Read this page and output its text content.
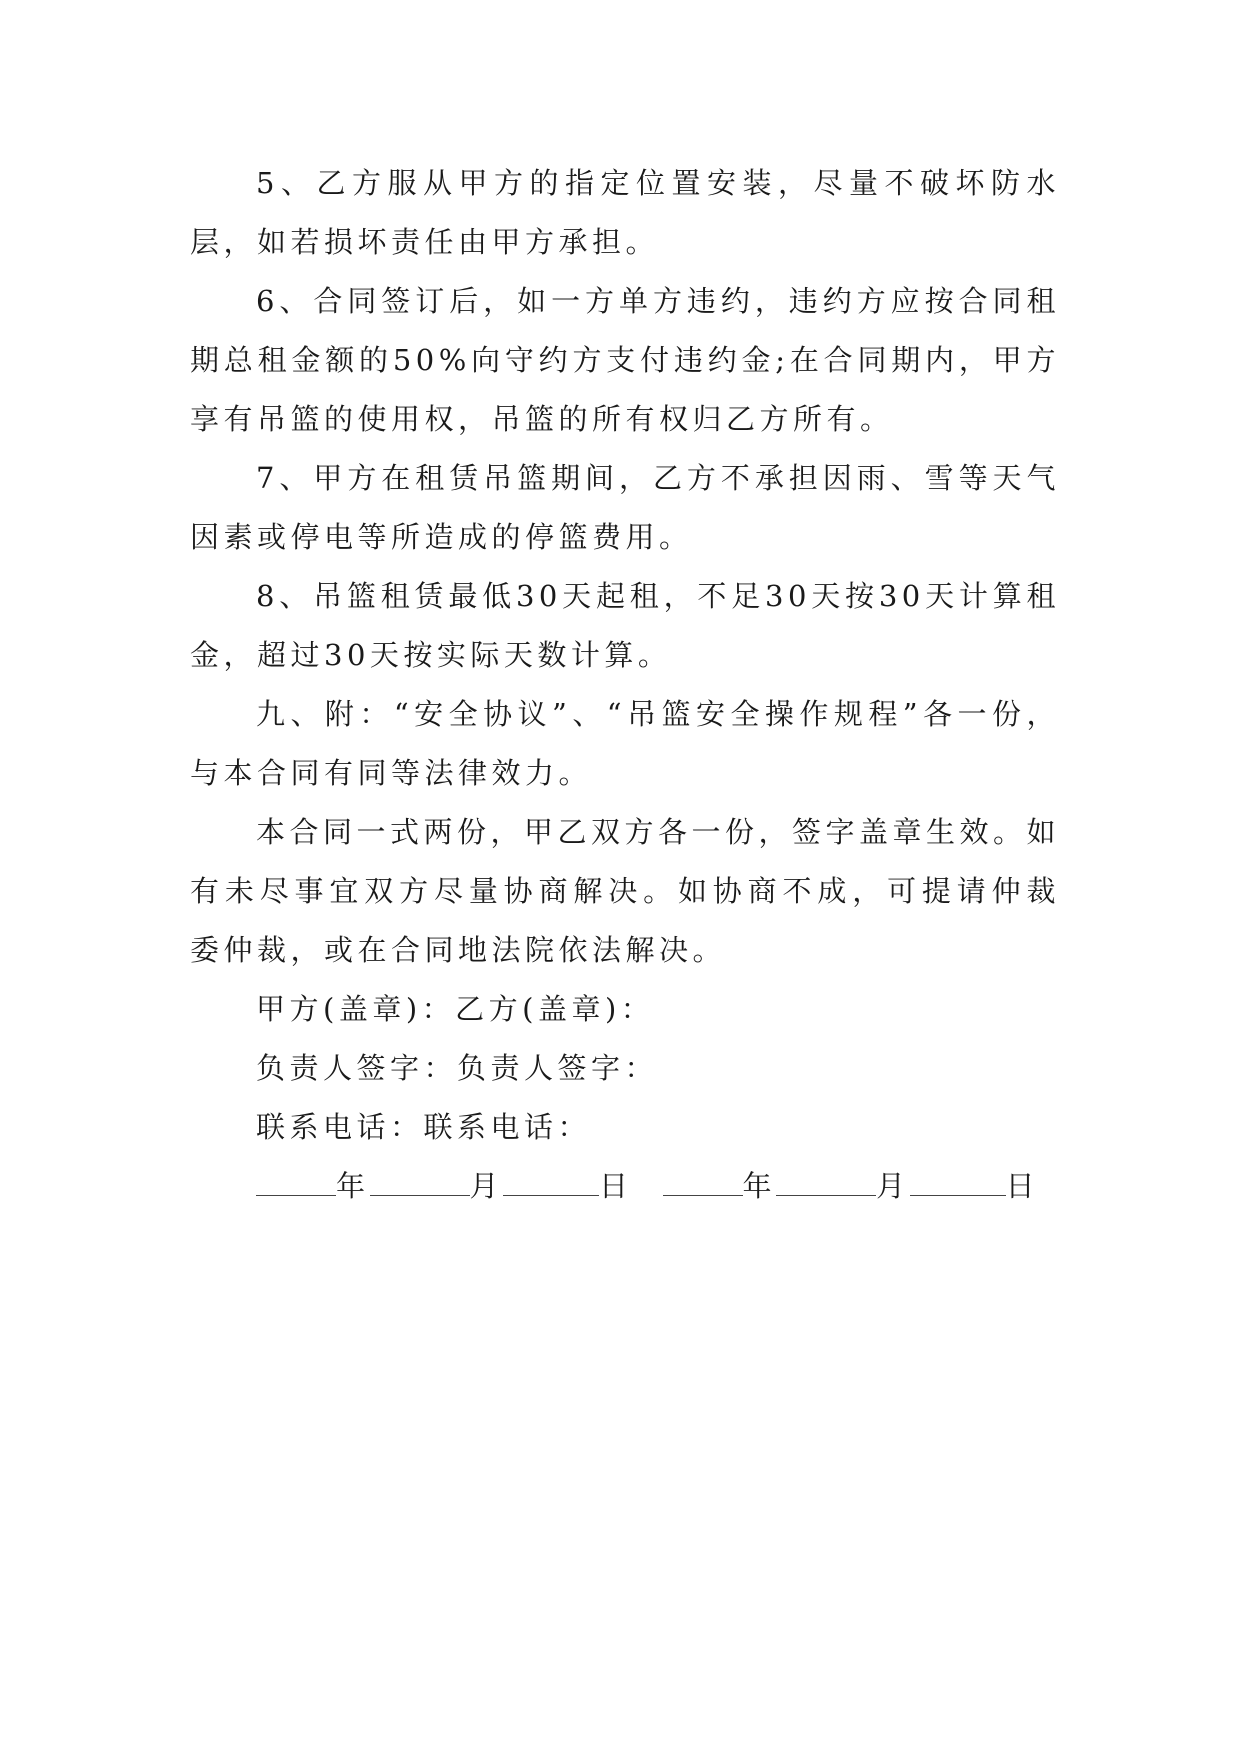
5、乙方服从甲方的指定位置安装，尽量不破坏防水层，如若损坏责任由甲方承担。

6、合同签订后，如一方单方违约，违约方应按合同租期总租金额的50%向守约方支付违约金;在合同期内，甲方享有吊篮的使用权，吊篮的所有权归乙方所有。

7、甲方在租赁吊篮期间，乙方不承担因雨、雪等天气因素或停电等所造成的停篮费用。

8、吊篮租赁最低30天起租，不足30天按30天计算租金，超过30天按实际天数计算。

九、附：“安全协议”、“吊篮安全操作规程”各一份，与本合同有同等法律效力。

本合同一式两份，甲乙双方各一份，签字盖章生效。如有未尽事宜双方尽量协商解决。如协商不成，可提请仲裁委仲裁，或在合同地法院依法解决。

甲方(盖章)：乙方(盖章)：

负责人签字：负责人签字：

联系电话：联系电话：

年	月	日	年	月	日
